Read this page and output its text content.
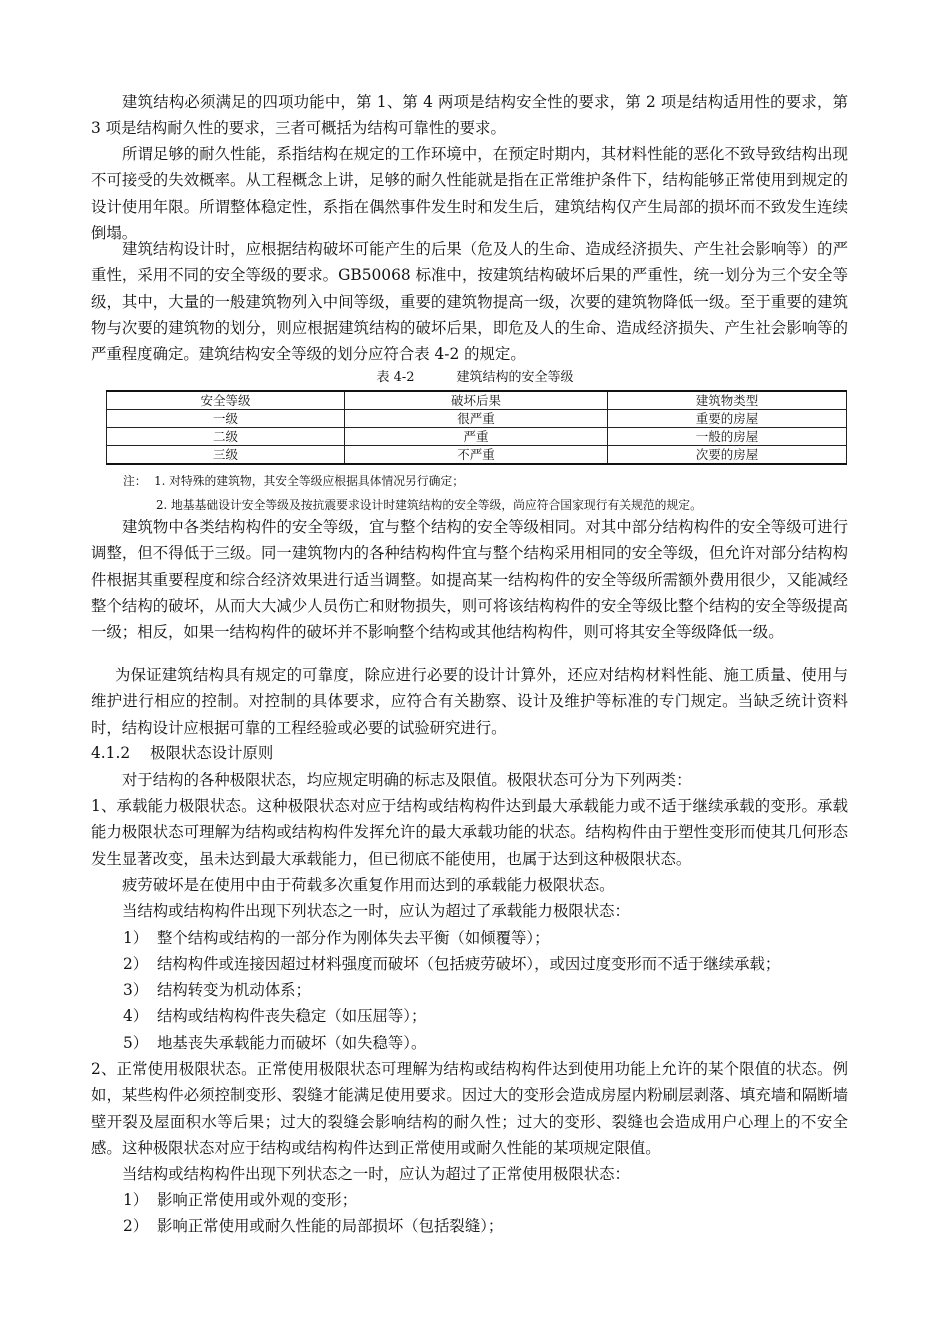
建筑结构必须满足的四项功能中，第 1、第 4 两项是结构安全性的要求，第 2 项是结构适用性的要求，第 3 项是结构耐久性的要求，三者可概括为结构可靠性的要求。

所谓足够的耐久性能，系指结构在规定的工作环境中，在预定时期内，其材料性能的恶化不致导致结构出现不可接受的失效概率。从工程概念上讲，足够的耐久性能就是指在正常维护条件下，结构能够正常使用到规定的设计使用年限。所谓整体稳定性，系指在偶然事件发生时和发生后，建筑结构仅产生局部的损坏而不致发生连续倒塌。

建筑结构设计时，应根据结构破坏可能产生的后果（危及人的生命、造成经济损失、产生社会影响等）的严重性，采用不同的安全等级的要求。GB50068 标准中，按建筑结构破坏后果的严重性，统一划分为三个安全等级，其中，大量的一般建筑物列入中间等级，重要的建筑物提高一级，次要的建筑物降低一级。至于重要的建筑物与次要的建筑物的划分，则应根据建筑结构的破坏后果，即危及人的生命、造成经济损失、产生社会影响等的严重程度确定。建筑结构安全等级的划分应符合表 4-2 的规定。

表 4-2	建筑结构的安全等级
安全等级	破坏后果	建筑物类型
一级	很严重	重要的房屋
二级	严重	一般的房屋
三级	不严重	次要的房屋
注： 1. 对特殊的建筑物，其安全等级应根据具体情况另行确定；
2. 地基基础设计安全等级及按抗震要求设计时建筑结构的安全等级，尚应符合国家现行有关规范的规定。

建筑物中各类结构构件的安全等级，宜与整个结构的安全等级相同。对其中部分结构构件的安全等级可进行调整，但不得低于三级。同一建筑物内的各种结构构件宜与整个结构采用相同的安全等级，但允许对部分结构构件根据其重要程度和综合经济效果进行适当调整。如提高某一结构构件的安全等级所需额外费用很少，又能减经整个结构的破坏，从而大大减少人员伤亡和财物损失，则可将该结构构件的安全等级比整个结构的安全等级提高一级；相反，如果一结构构件的破坏并不影响整个结构或其他结构构件，则可将其安全等级降低一级。

为保证建筑结构具有规定的可靠度，除应进行必要的设计计算外，还应对结构材料性能、施工质量、使用与维护进行相应的控制。对控制的具体要求，应符合有关勘察、设计及维护等标准的专门规定。当缺乏统计资料时，结构设计应根据可靠的工程经验或必要的试验研究进行。

4.1.2 极限状态设计原则

对于结构的各种极限状态，均应规定明确的标志及限值。极限状态可分为下列两类：

1、承载能力极限状态。这种极限状态对应于结构或结构构件达到最大承载能力或不适于继续承载的变形。承载能力极限状态可理解为结构或结构构件发挥允许的最大承载功能的状态。结构构件由于塑性变形而使其几何形态发生显著改变，虽未达到最大承载能力，但已彻底不能使用，也属于达到这种极限状态。

疲劳破坏是在使用中由于荷载多次重复作用而达到的承载能力极限状态。

当结构或结构构件出现下列状态之一时，应认为超过了承载能力极限状态：

1） 整个结构或结构的一部分作为刚体失去平衡（如倾覆等）；
2） 结构构件或连接因超过材料强度而破坏（包括疲劳破坏），或因过度变形而不适于继续承载；
3） 结构转变为机动体系；
4） 结构或结构构件丧失稳定（如压屈等）；
5） 地基丧失承载能力而破坏（如失稳等）。

2、正常使用极限状态。正常使用极限状态可理解为结构或结构构件达到使用功能上允许的某个限值的状态。例如，某些构件必须控制变形、裂缝才能满足使用要求。因过大的变形会造成房屋内粉刷层剥落、填充墙和隔断墙壁开裂及屋面积水等后果；过大的裂缝会影响结构的耐久性；过大的变形、裂缝也会造成用户心理上的不安全感。 这种极限状态对应于结构或结构构件达到正常使用或耐久性能的某项规定限值。

当结构或结构构件出现下列状态之一时，应认为超过了正常使用极限状态：

1） 影响正常使用或外观的变形；
2） 影响正常使用或耐久性能的局部损坏（包括裂缝）；
